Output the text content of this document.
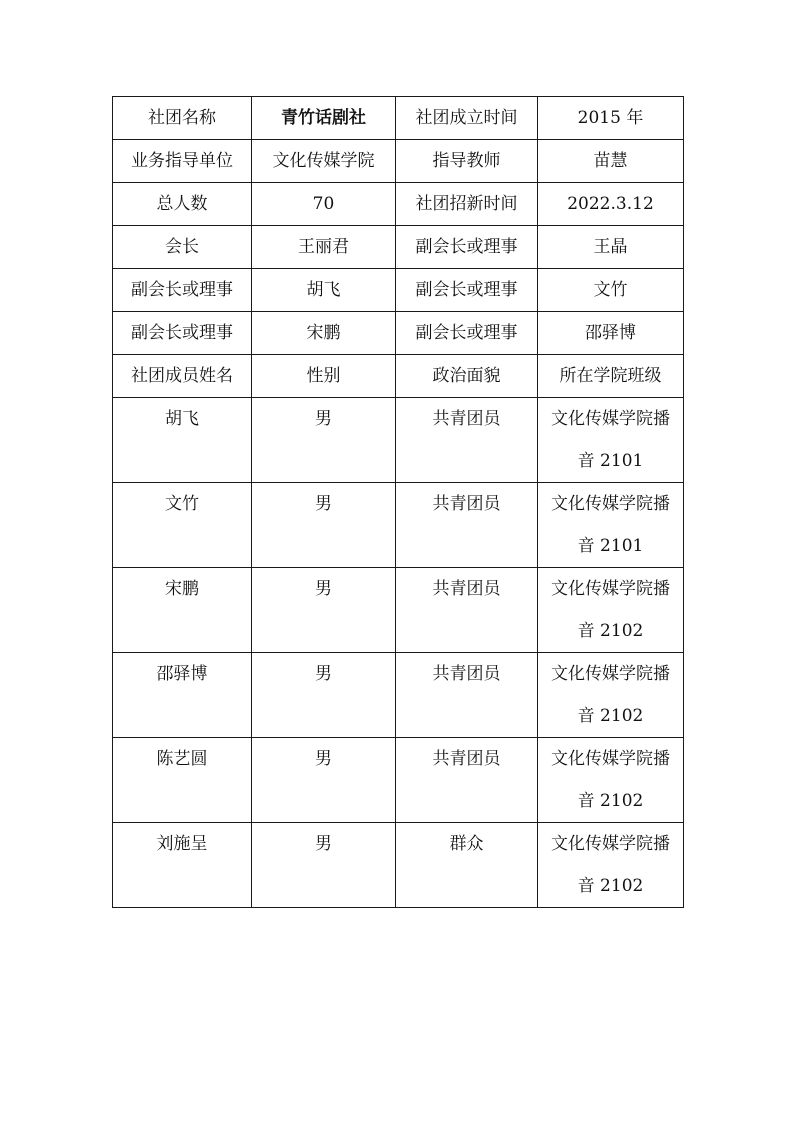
社团名称	青竹话剧社	社团成立时间	2015 年
业务指导单位	文化传媒学院	指导教师	苗慧
总人数	70	社团招新时间	2022.3.12
会长	王丽君	副会长或理事	王晶
副会长或理事	胡飞	副会长或理事	文竹
副会长或理事	宋鹏	副会长或理事	邵驿博
社团成员姓名	性别	政治面貌	所在学院班级
胡飞	男	共青团员	文化传媒学院播
音 2101

文竹	男	共青团员	文化传媒学院播
音 2101

宋鹏	男	共青团员	文化传媒学院播
音 2102

邵驿博	男	共青团员	文化传媒学院播
音 2102

陈艺圆	男	共青团员	文化传媒学院播
音 2102

刘施呈	男	群众	文化传媒学院播
音 2102
